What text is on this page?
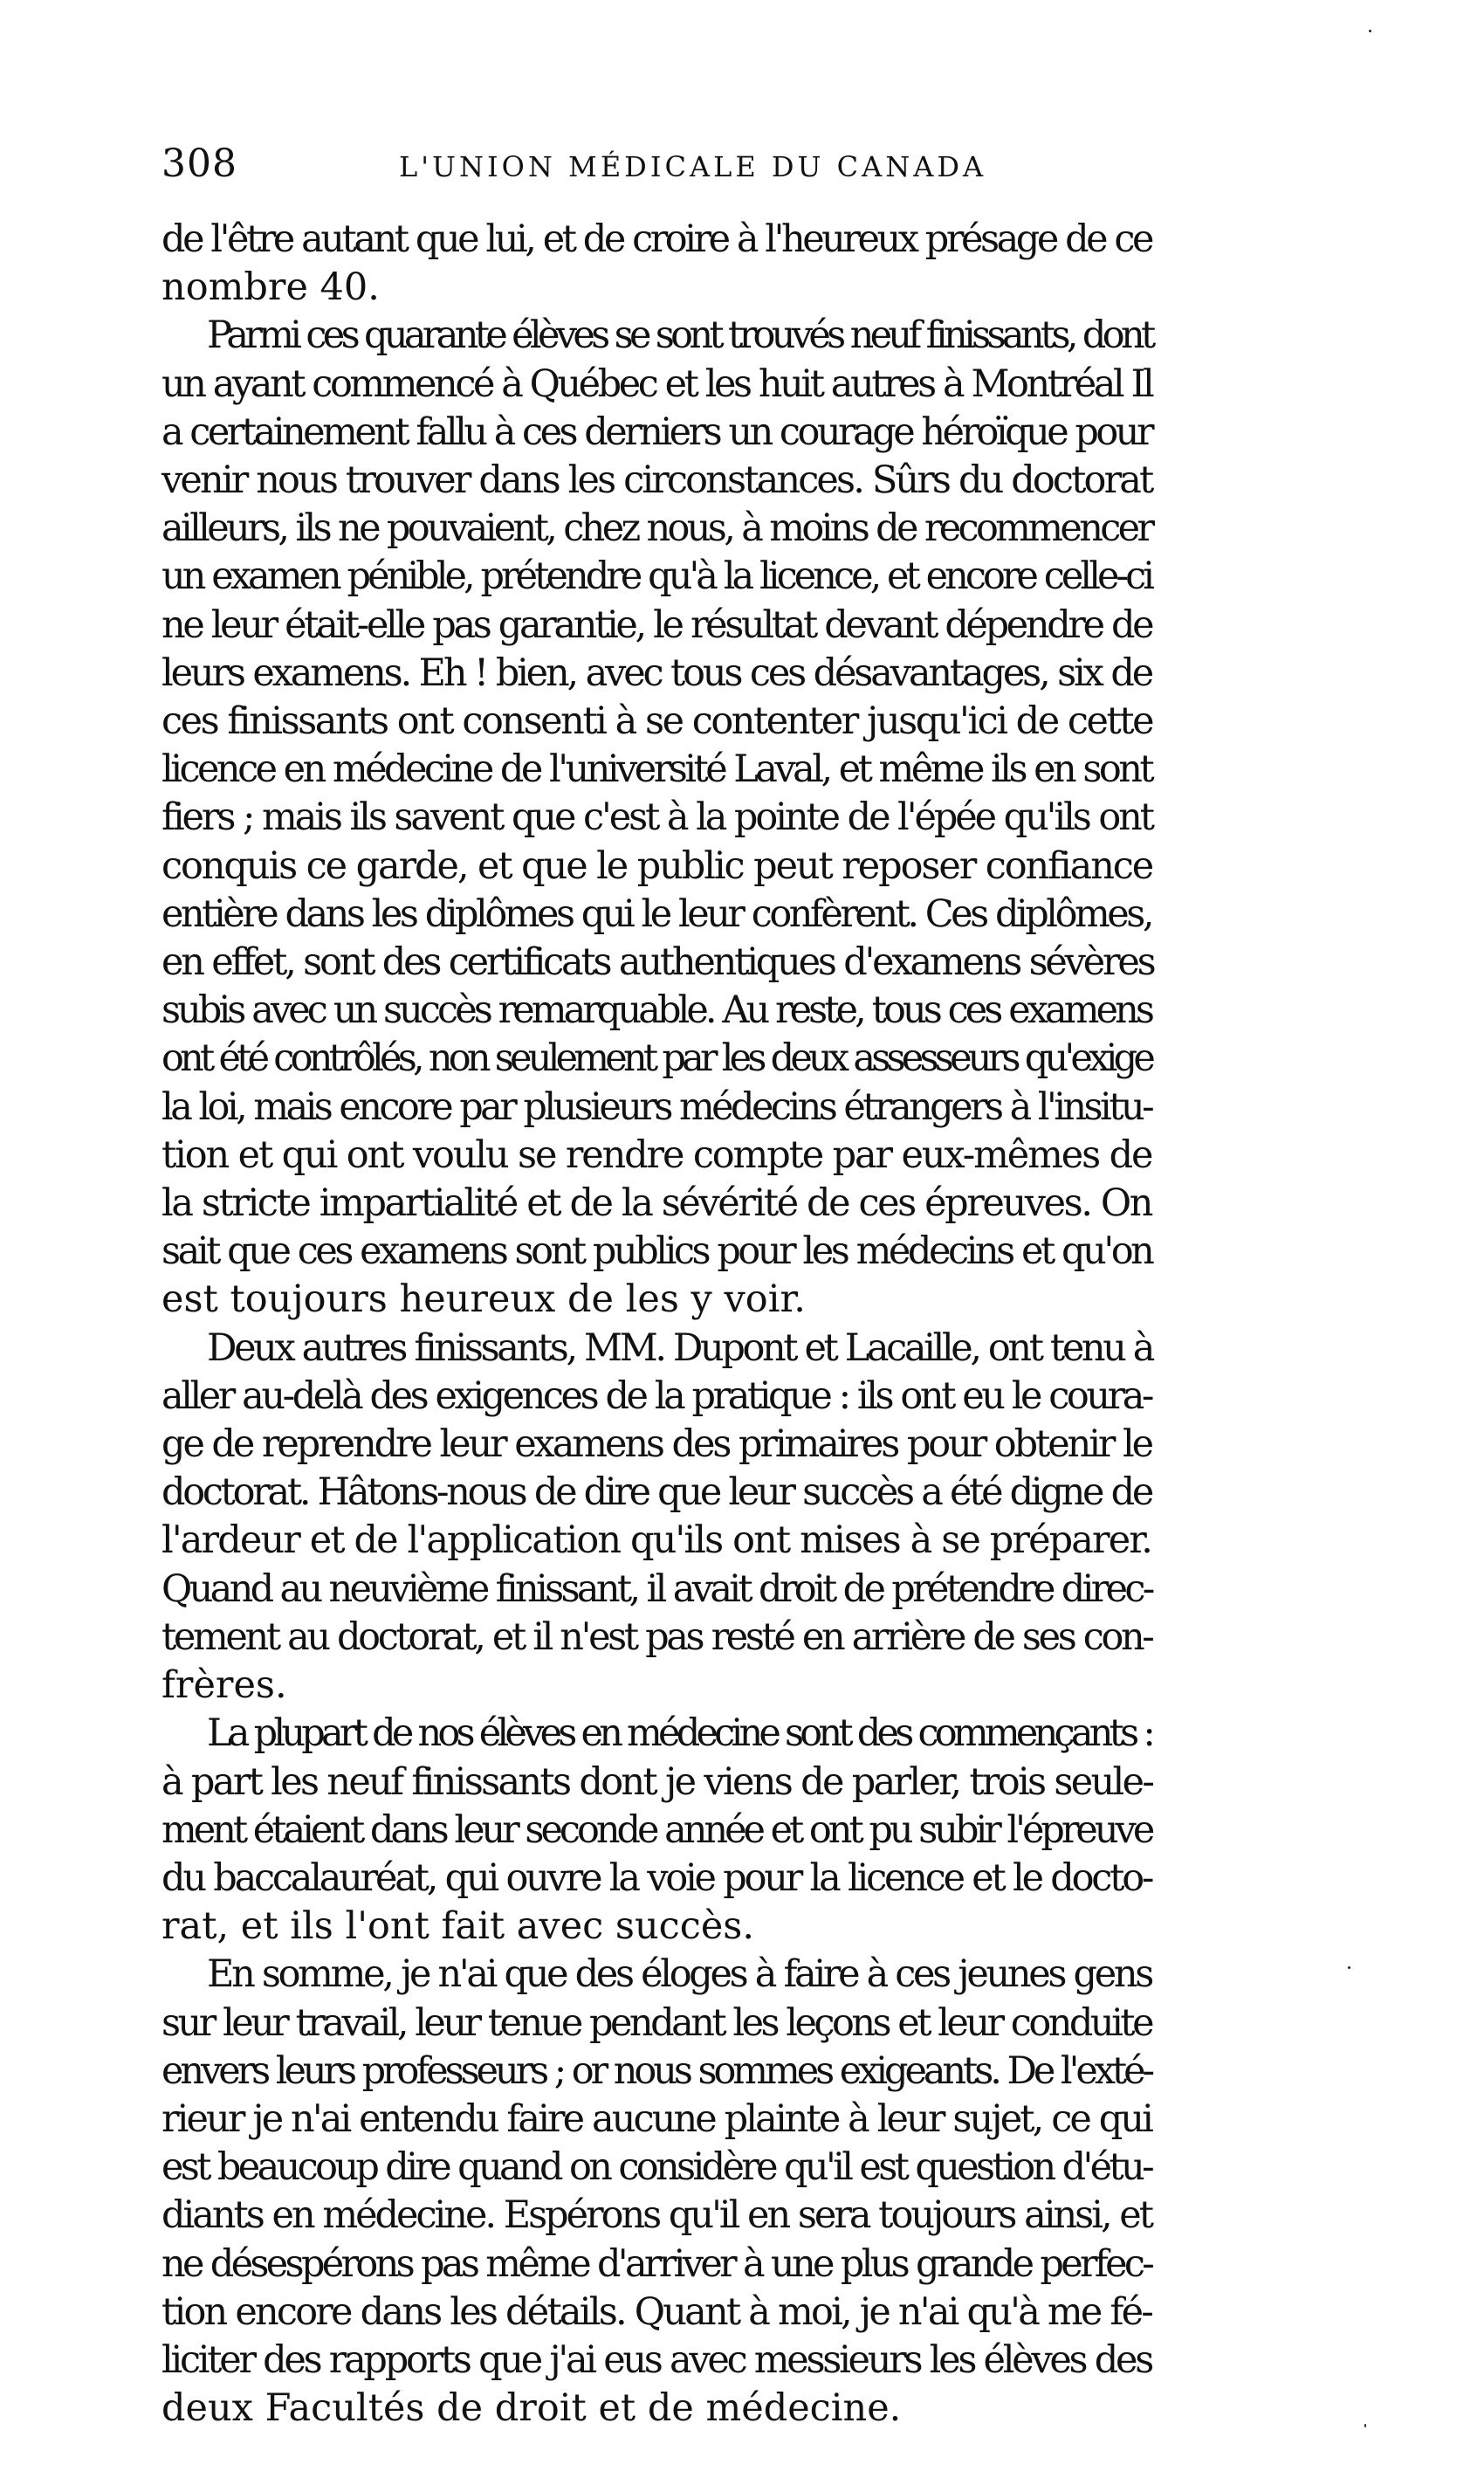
308	L'UNION MÉDICALE DU CANADA
de l'être autant que lui, et de croire à l'heureux présage de ce
nombre 40.
Parmi ces quarante élèves se sont trouvés neuf finissants, dont
un ayant commencé à Québec et les huit autres à Montréal Il
a certainement fallu à ces derniers un courage héroïque pour
venir nous trouver dans les circonstances. Sûrs du doctorat
ailleurs, ils ne pouvaient, chez nous, à moins de recommencer
un examen pénible, prétendre qu'à la licence, et encore celle-ci
ne leur était-elle pas garantie, le résultat devant dépendre de
leurs examens. Eh ! bien, avec tous ces désavantages, six de
ces finissants ont consenti à se contenter jusqu'ici de cette
licence en médecine de l'université Laval, et même ils en sont
fiers ; mais ils savent que c'est à la pointe de l'épée qu'ils ont
conquis ce garde, et que le public peut reposer confiance
entière dans les diplômes qui le leur confèrent. Ces diplômes,
en effet, sont des certificats authentiques d'examens sévères
subis avec un succès remarquable. Au reste, tous ces examens
ont été contrôlés, non seulement par les deux assesseurs qu'exige
la loi, mais encore par plusieurs médecins étrangers à l'insitu-
tion et qui ont voulu se rendre compte par eux-mêmes de
la stricte impartialité et de la sévérité de ces épreuves. On
sait que ces examens sont publics pour les médecins et qu'on
est toujours heureux de les y voir.
Deux autres finissants, MM. Dupont et Lacaille, ont tenu à
aller au-delà des exigences de la pratique : ils ont eu le coura-
ge de reprendre leur examens des primaires pour obtenir le
doctorat. Hâtons-nous de dire que leur succès a été digne de
l'ardeur et de l'application qu'ils ont mises à se préparer.
Quand au neuvième finissant, il avait droit de prétendre direc-
tement au doctorat, et il n'est pas resté en arrière de ses con-
frères.
La plupart de nos élèves en médecine sont des commençants :
à part les neuf finissants dont je viens de parler, trois seule-
ment étaient dans leur seconde année et ont pu subir l'épreuve
du baccalauréat, qui ouvre la voie pour la licence et le docto-
rat, et ils l'ont fait avec succès.
En somme, je n'ai que des éloges à faire à ces jeunes gens
sur leur travail, leur tenue pendant les leçons et leur conduite
envers leurs professeurs ; or nous sommes exigeants. De l'exté-
rieur je n'ai entendu faire aucune plainte à leur sujet, ce qui
est beaucoup dire quand on considère qu'il est question d'étu-
diants en médecine. Espérons qu'il en sera toujours ainsi, et
ne désespérons pas même d'arriver à une plus grande perfec-
tion encore dans les détails. Quant à moi, je n'ai qu'à me fé-
liciter des rapports que j'ai eus avec messieurs les élèves des
deux Facultés de droit et de médecine.
